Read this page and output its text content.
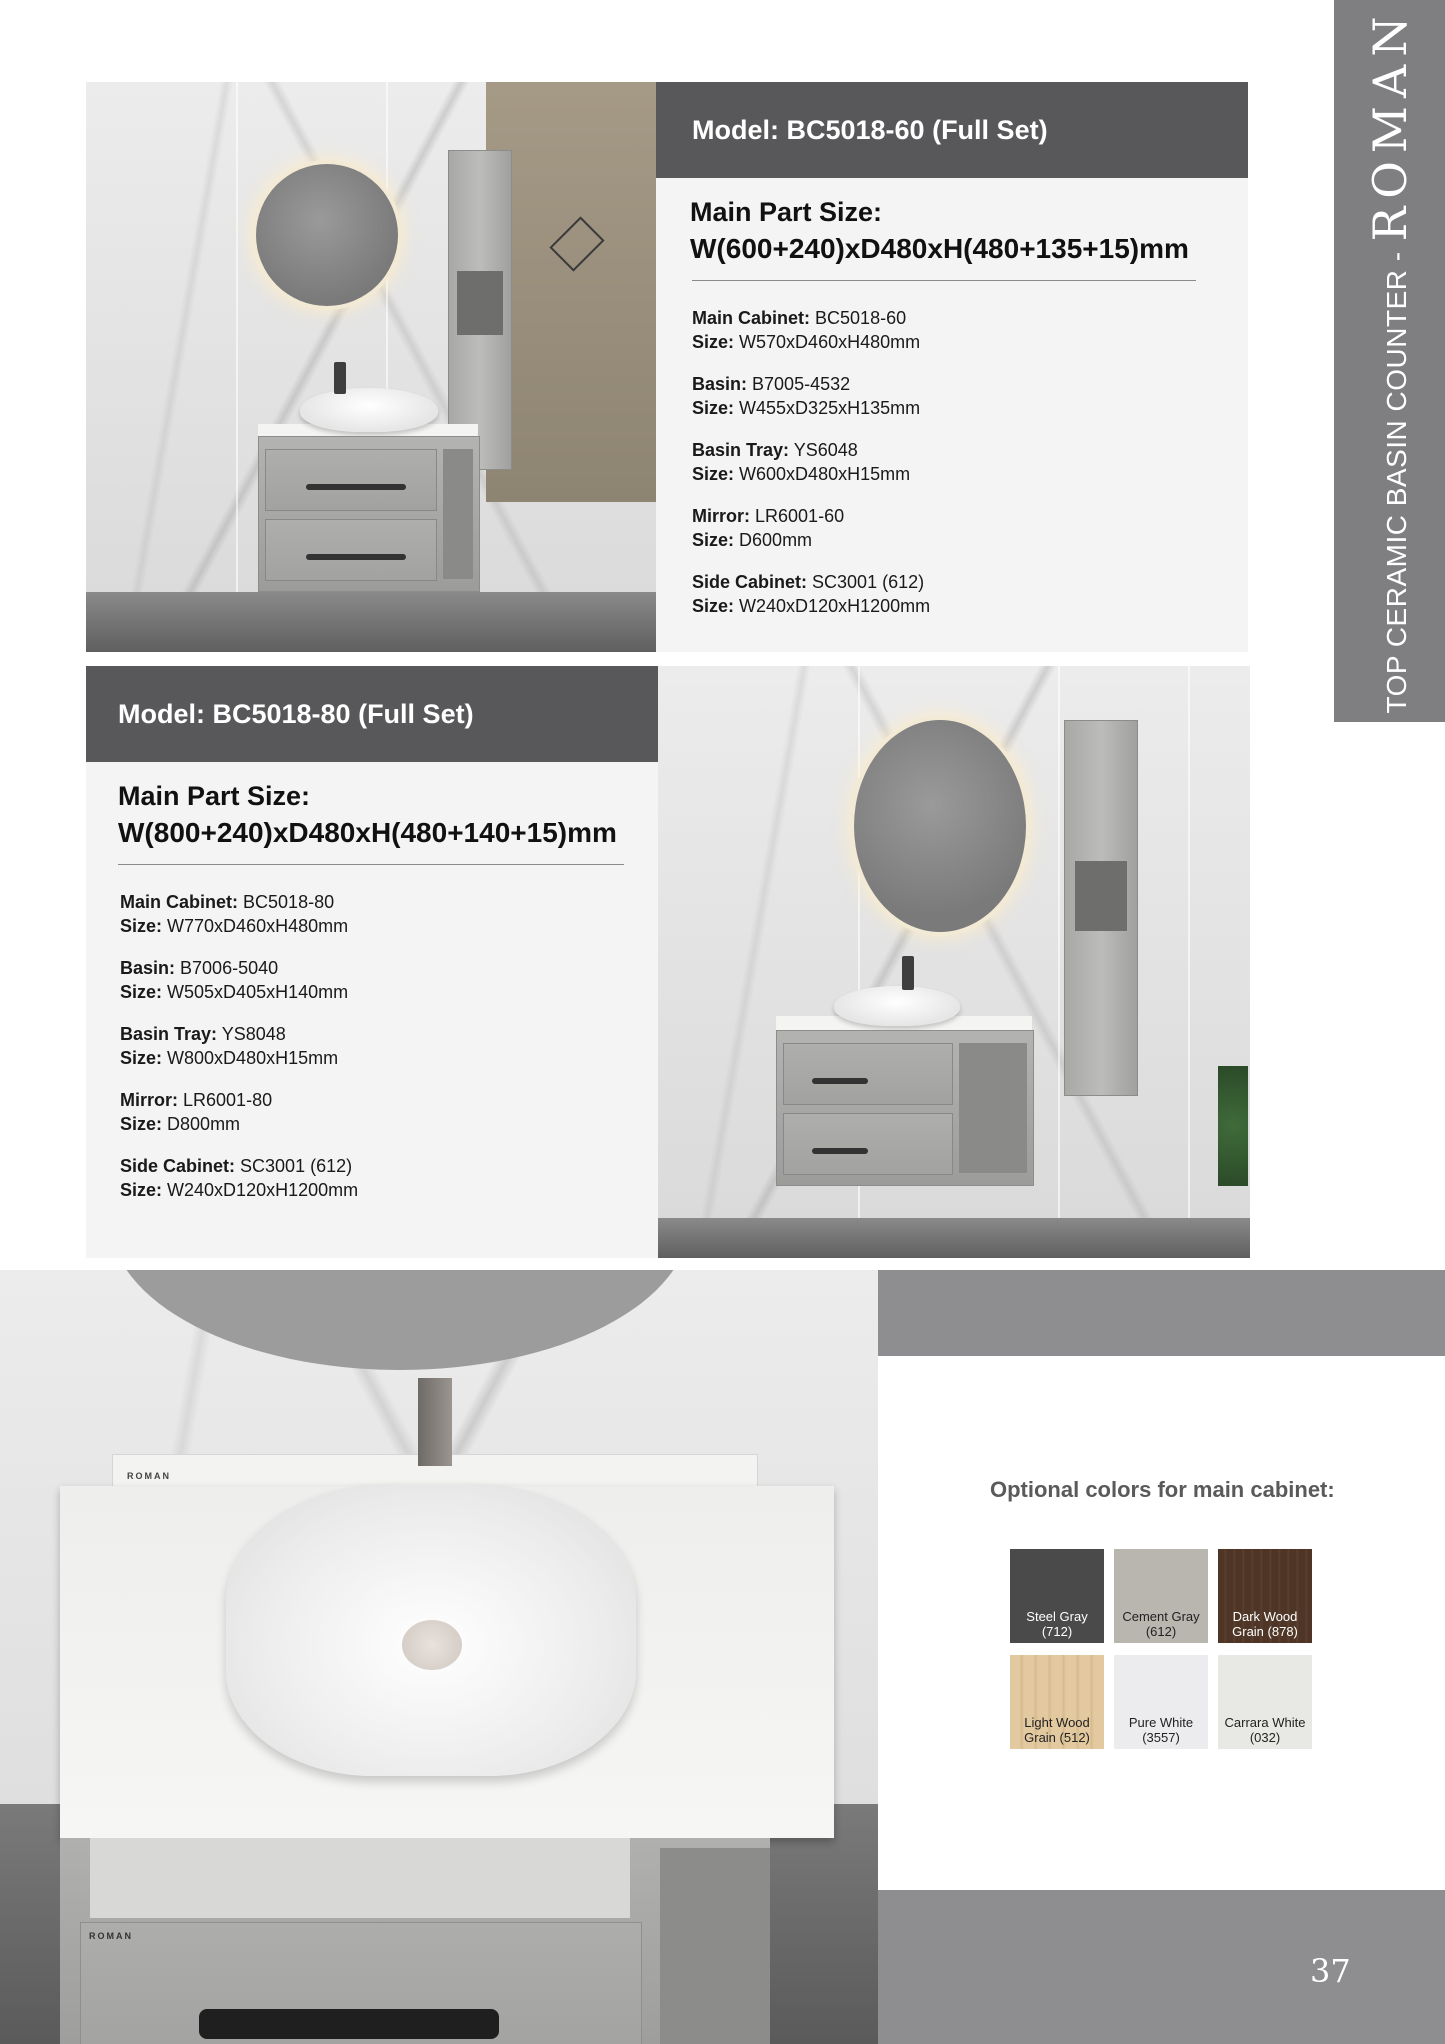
TOP CERAMIC BASIN COUNTER -
ROMAN
Model: BC5018-60 (Full Set)
Main Part Size:
W(600+240)xD480xH(480+135+15)mm
Main Cabinet: BC5018-60
Size: W570xD460xH480mm
Basin: B7005-4532
Size: W455xD325xH135mm
Basin Tray: YS6048
Size: W600xD480xH15mm
Mirror: LR6001-60
Size: D600mm
Side Cabinet: SC3001 (612)
Size: W240xD120xH1200mm
Model: BC5018-80 (Full Set)
Main Part Size:
W(800+240)xD480xH(480+140+15)mm
Main Cabinet: BC5018-80
Size: W770xD460xH480mm
Basin: B7006-5040
Size: W505xD405xH140mm
Basin Tray: YS8048
Size: W800xD480xH15mm
Mirror: LR6001-80
Size: D800mm
Side Cabinet: SC3001 (612)
Size: W240xD120xH1200mm
ROMAN
ROMAN
Optional colors for main cabinet:
Steel Gray
(712)
Cement Gray
(612)
Dark Wood
Grain (878)
Light Wood
Grain (512)
Pure White
(3557)
Carrara White
(032)
37
